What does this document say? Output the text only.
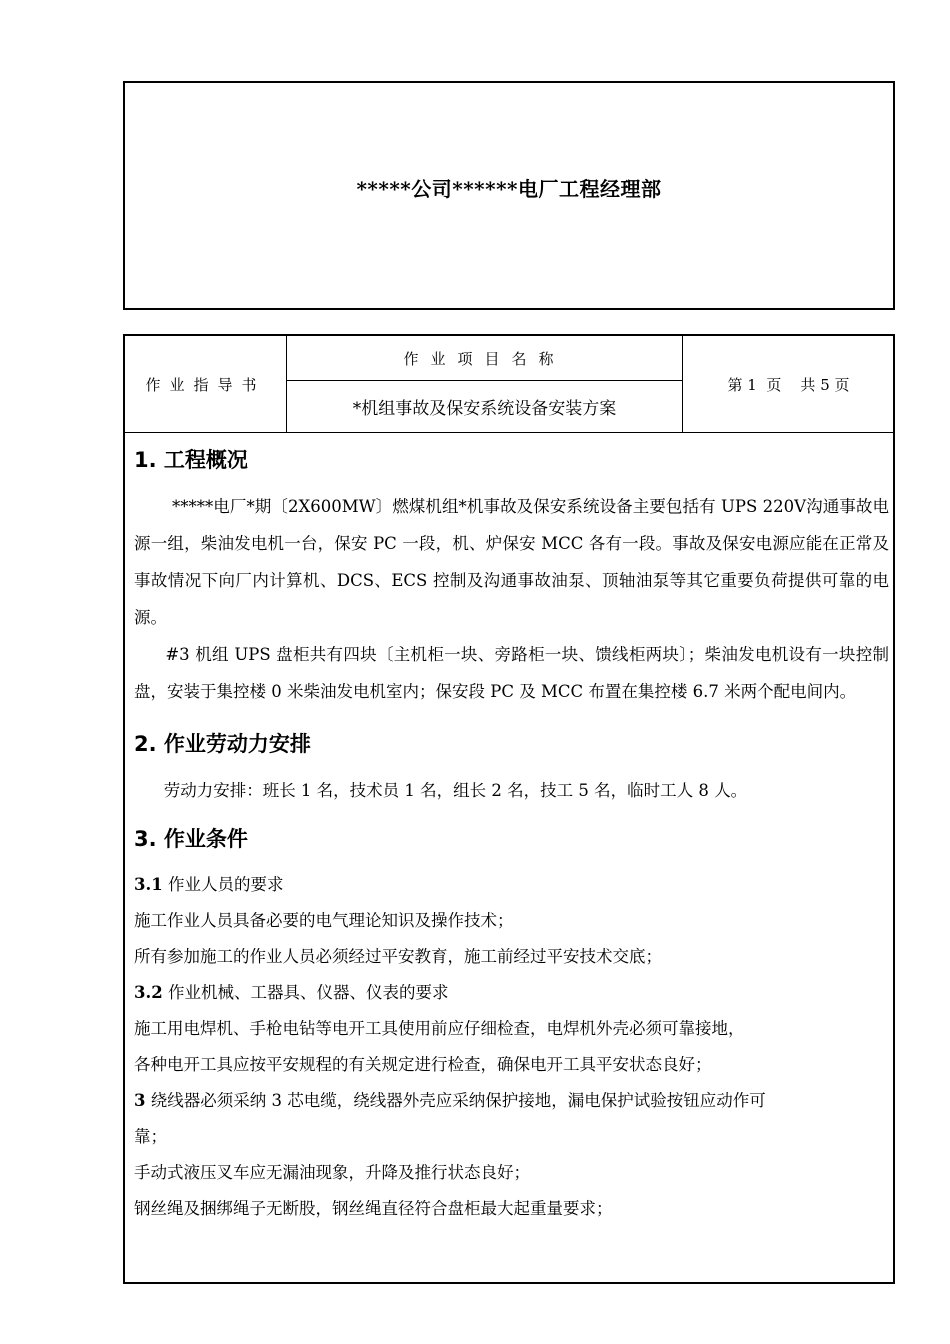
*****公司******电厂工程经理部
作业指导书
作业项目名称
*机组事故及保安系统设备安装方案
第 1  页    共 5 页
1. 工程概况

*****电厂*期〔2X600MW〕燃煤机组*机事故及保安系统设备主要包括有 UPS 220V沟通事故电源一组，柴油发电机一台，保安 PC 一段，机、炉保安 MCC 各有一段。事故及保安电源应能在正常及事故情况下向厂内计算机、DCS、ECS 控制及沟通事故油泵、顶轴油泵等其它重要负荷提供可靠的电源。

#3 机组 UPS 盘柜共有四块〔主机柜一块、旁路柜一块、馈线柜两块〕；柴油发电机设有一块控制盘，安装于集控楼 0 米柴油发电机室内；保安段 PC 及 MCC 布置在集控楼 6.7 米两个配电间内。

2. 作业劳动力安排

劳动力安排：班长 1 名，技术员 1 名，组长 2 名，技工 5 名，临时工人 8 人。

3. 作业条件

3.1 作业人员的要求

施工作业人员具备必要的电气理论知识及操作技术；

所有参加施工的作业人员必须经过平安教育，施工前经过平安技术交底；

3.2 作业机械、工器具、仪器、仪表的要求

施工用电焊机、手枪电钻等电开工具使用前应仔细检查，电焊机外壳必须可靠接地，

各种电开工具应按平安规程的有关规定进行检查，确保电开工具平安状态良好；

3 绕线器必须采纳 3 芯电缆，绕线器外壳应采纳保护接地，漏电保护试验按钮应动作可

靠；

手动式液压叉车应无漏油现象，升降及推行状态良好；

钢丝绳及捆绑绳子无断股，钢丝绳直径符合盘柜最大起重量要求；
